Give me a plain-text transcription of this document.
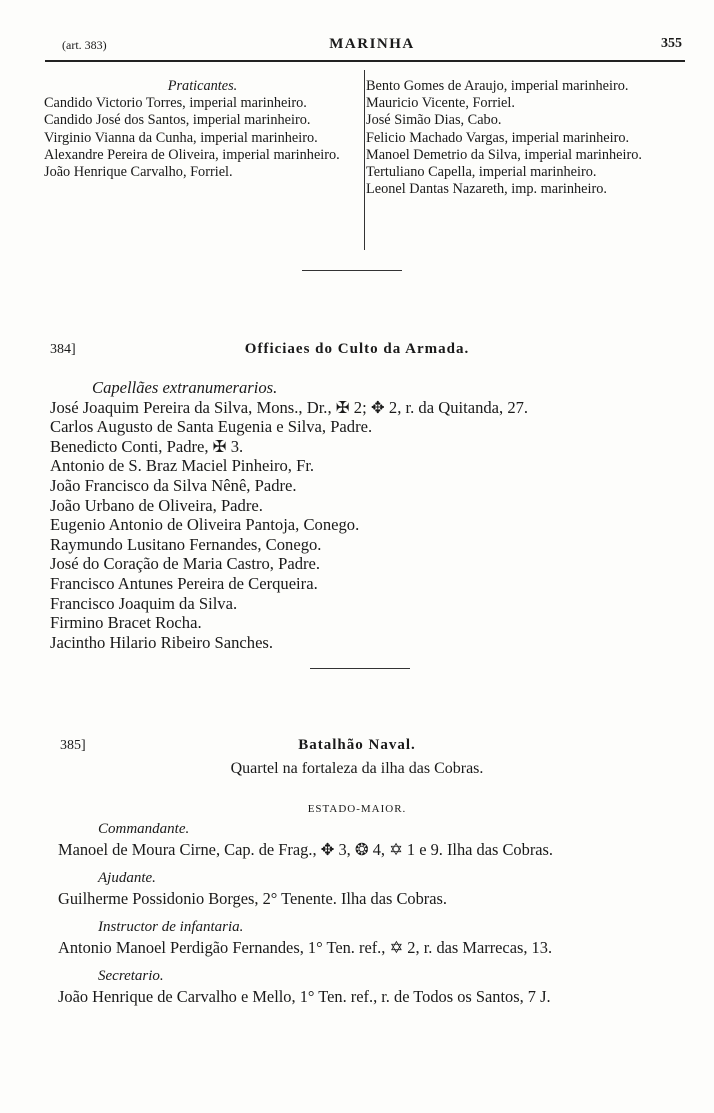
(art. 383)	MARINHA	355
Praticantes.
Candido Victorio Torres, imperial marinheiro.
Candido José dos Santos, imperial marinheiro.
Virginio Vianna da Cunha, imperial marinheiro.
Alexandre Pereira de Oliveira, imperial marinheiro.
João Henrique Carvalho, Forriel.
Bento Gomes de Araujo, imperial marinheiro.
Mauricio Vicente, Forriel.
José Simão Dias, Cabo.
Felicio Machado Vargas, imperial marinheiro.
Manoel Demetrio da Silva, imperial marinheiro.
Tertuliano Capella, imperial marinheiro.
Leonel Dantas Nazareth, imp. marinheiro.
384]	Officiaes do Culto da Armada.
Capellães extranumerarios.
José Joaquim Pereira da Silva, Mons., Dr., ✠ 2; ✥ 2, r. da Quitanda, 27.
Carlos Augusto de Santa Eugenia e Silva, Padre.
Benedicto Conti, Padre, ✠ 3.
Antonio de S. Braz Maciel Pinheiro, Fr.
João Francisco da Silva Nênê, Padre.
João Urbano de Oliveira, Padre.
Eugenio Antonio de Oliveira Pantoja, Conego.
Raymundo Lusitano Fernandes, Conego.
José do Coração de Maria Castro, Padre.
Francisco Antunes Pereira de Cerqueira.
Francisco Joaquim da Silva.
Firmino Bracet Rocha.
Jacintho Hilario Ribeiro Sanches.
385]	Batalhão Naval.
Quartel na fortaleza da ilha das Cobras.
ESTADO-MAIOR.
Commandante.
Manoel de Moura Cirne, Cap. de Frag., ✥ 3, ❂ 4, ✡ 1 e 9. Ilha das Cobras.
Ajudante.
Guilherme Possidonio Borges, 2° Tenente. Ilha das Cobras.
Instructor de infantaria.
Antonio Manoel Perdigão Fernandes, 1° Ten. ref., ✡ 2, r. das Marrecas, 13.
Secretario.
João Henrique de Carvalho e Mello, 1° Ten. ref., r. de Todos os Santos, 7 J.
